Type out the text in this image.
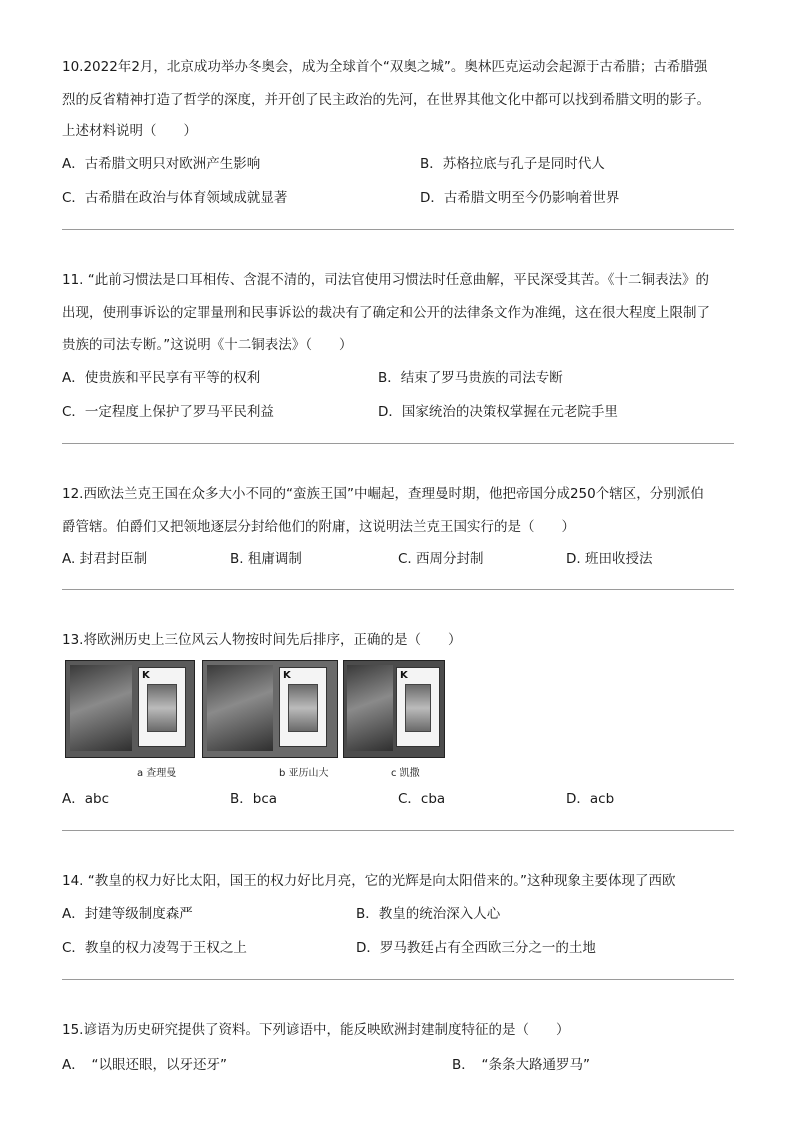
10.2022年2月，北京成功举办冬奥会，成为全球首个“双奥之城”。奥林匹克运动会起源于古希腊；古希腊强
烈的反省精神打造了哲学的深度，并开创了民主政治的先河，在世界其他文化中都可以找到希腊文明的影子。
上述材料说明（　　）
A．古希腊文明只对欧洲产生影响	B．苏格拉底与孔子是同时代人
C．古希腊在政治与体育领域成就显著	D．古希腊文明至今仍影响着世界
11. “此前习惯法是口耳相传、含混不清的，司法官使用习惯法时任意曲解，平民深受其苦。《十二铜表法》的
出现，使刑事诉讼的定罪量刑和民事诉讼的裁决有了确定和公开的法律条文作为准绳，这在很大程度上限制了
贵族的司法专断。”这说明《十二铜表法》（　　）
A．使贵族和平民享有平等的权利	B．结束了罗马贵族的司法专断
C．一定程度上保护了罗马平民利益	D．国家统治的决策权掌握在元老院手里
12.西欧法兰克王国在众多大小不同的“蛮族王国”中崛起，查理曼时期，他把帝国分成250个辖区，分别派伯
爵管辖。伯爵们又把领地逐层分封给他们的附庸，这说明法兰克王国实行的是（　　）
A. 封君封臣制	B. 租庸调制	C. 西周分封制	D. 班田收授法
13.将欧洲历史上三位风云人物按时间先后排序，正确的是（　　）
K	K	K
a 查理曼	b 亚历山大	c 凯撒
A．abc	B．bca	C．cba	D．acb
14. “教皇的权力好比太阳，国王的权力好比月亮，它的光辉是向太阳借来的。”这种现象主要体现了西欧
A．封建等级制度森严	B．教皇的统治深入人心
C．教皇的权力凌驾于王权之上	D．罗马教廷占有全西欧三分之一的土地
15.谚语为历史研究提供了资料。下列谚语中，能反映欧洲封建制度特征的是（　　）
A．　“以眼还眼，以牙还牙”	B．　“条条大路通罗马”
